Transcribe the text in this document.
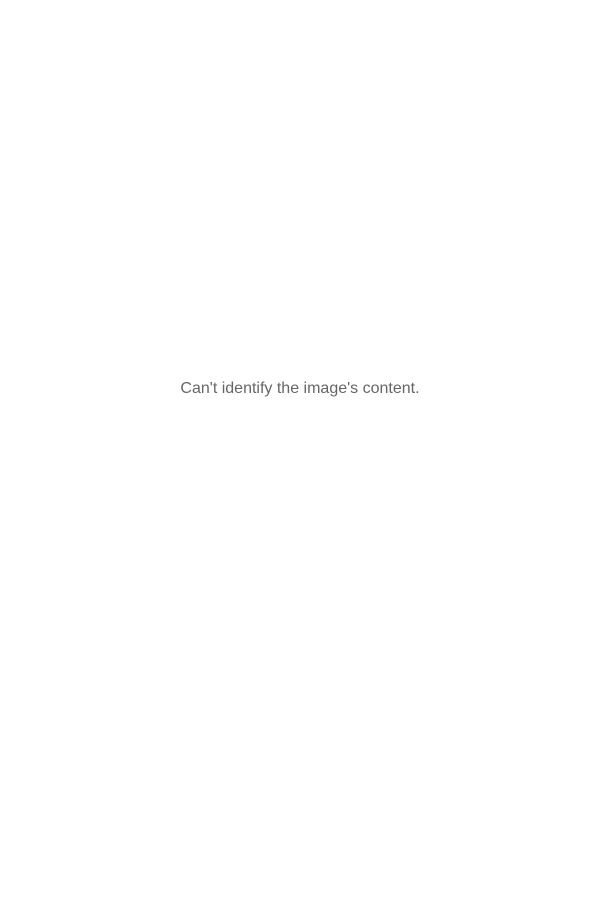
Can't identify the image's content.
